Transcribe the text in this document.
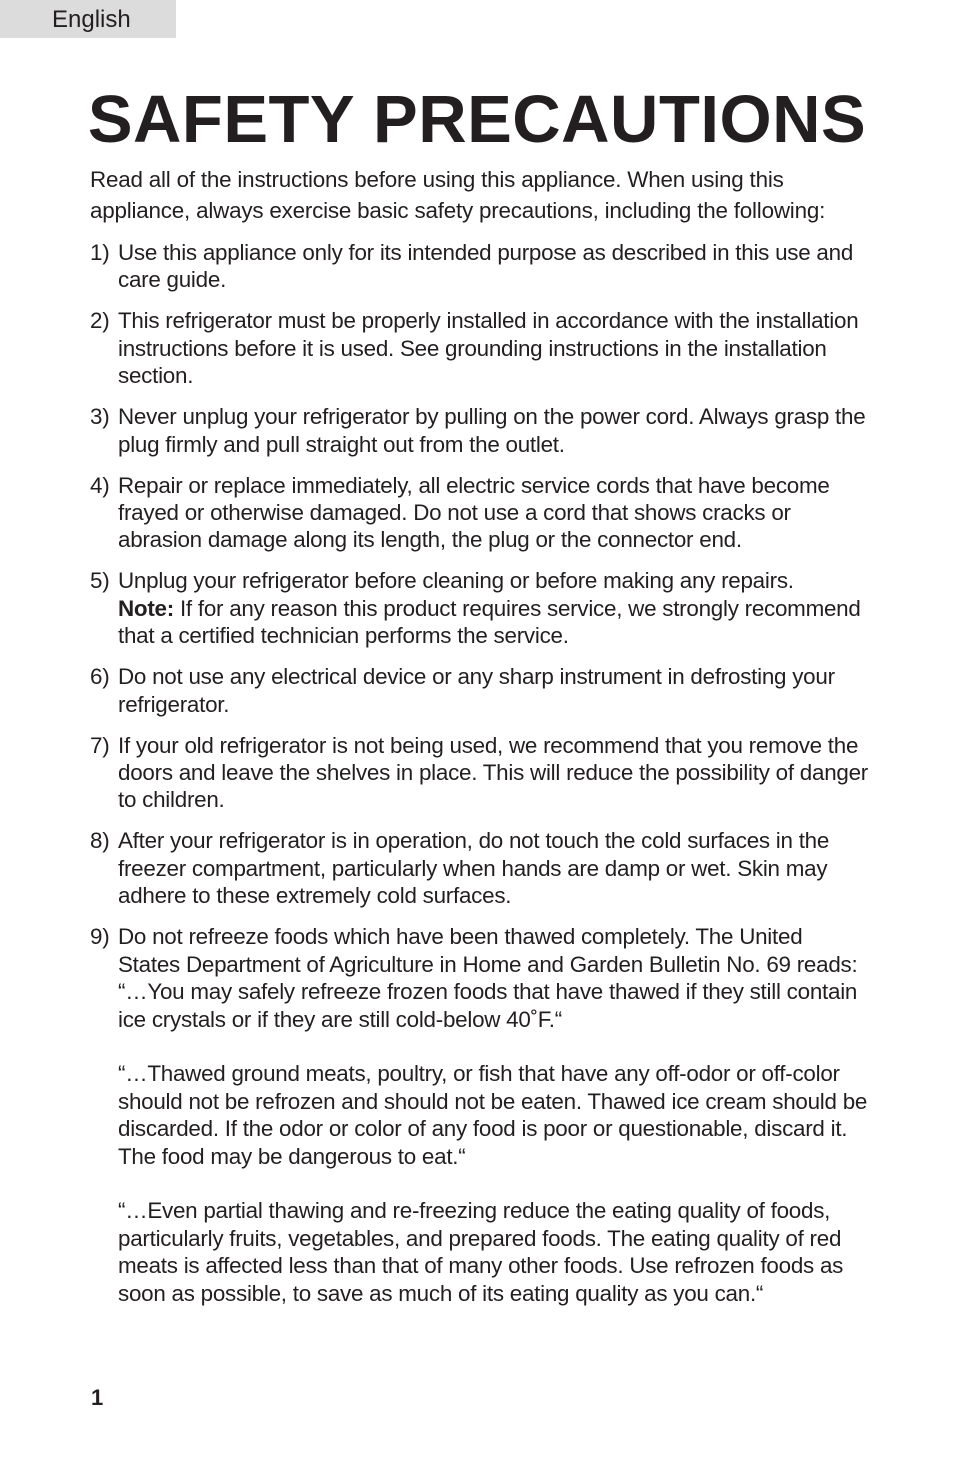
English
SAFETY PRECAUTIONS

Read all of the instructions before using this appliance. When using this appliance, always exercise basic safety precautions, including the following:

1) Use this appliance only for its intended purpose as described in this use and care guide.
2) This refrigerator must be properly installed in accordance with the installation instructions before it is used. See grounding instructions in the installation section.
3) Never unplug your refrigerator by pulling on the power cord. Always grasp the plug firmly and pull straight out from the outlet.
4) Repair or replace immediately, all electric service cords that have become frayed or otherwise damaged. Do not use a cord that shows cracks or abrasion damage along its length, the plug or the connector end.
5) Unplug your refrigerator before cleaning or before making any repairs.
Note: If for any reason this product requires service, we strongly recommend that a certified technician performs the service.
6) Do not use any electrical device or any sharp instrument in defrosting your refrigerator.
7) If your old refrigerator is not being used, we recommend that you remove the doors and leave the shelves in place. This will reduce the possibility of danger to children.
8) After your refrigerator is in operation, do not touch the cold surfaces in the freezer compartment, particularly when hands are damp or wet. Skin may adhere to these extremely cold surfaces.
9) Do not refreeze foods which have been thawed completely. The United States Department of Agriculture in Home and Garden Bulletin No. 69 reads: “…You may safely refreeze frozen foods that have thawed if they still contain ice crystals or if they are still cold-below 40˚F.“
“…Thawed ground meats, poultry, or fish that have any off-odor or off-color should not be refrozen and should not be eaten. Thawed ice cream should be discarded. If the odor or color of any food is poor or questionable, discard it. The food may be dangerous to eat.“
“…Even partial thawing and re-freezing reduce the eating quality of foods, particularly fruits, vegetables, and prepared foods. The eating quality of red meats is affected less than that of many other foods. Use refrozen foods as soon as possible, to save as much of its eating quality as you can.“
1
